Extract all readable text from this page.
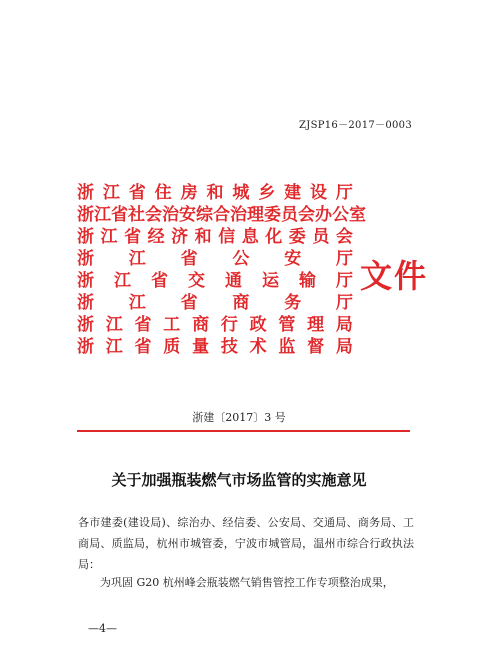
ZJSP16－2017－0003
浙 江 省 住 房 和 城 乡 建 设 厅
浙 江 省 社 会 治 安 综 合 治 理 委 员 会 办 公 室
浙 江 省 经 济 和 信 息 化 委 员 会
浙 江 省 公 安 厅
浙 江 省 交 通 运 输 厅
浙 江 省 商 务 厅
浙 江 省 工 商 行 政 管 理 局
浙 江 省 质 量 技 术 监 督 局
文件
浙建〔2017〕3 号
关于加强瓶装燃气市场监管的实施意见
各市建委(建设局)、综治办、经信委、公安局、交通局、商务局、工商局、质监局，杭州市城管委，宁波市城管局，温州市综合行政执法局：
为巩固 G20 杭州峰会瓶装燃气销售管控工作专项整治成果，
—4—
